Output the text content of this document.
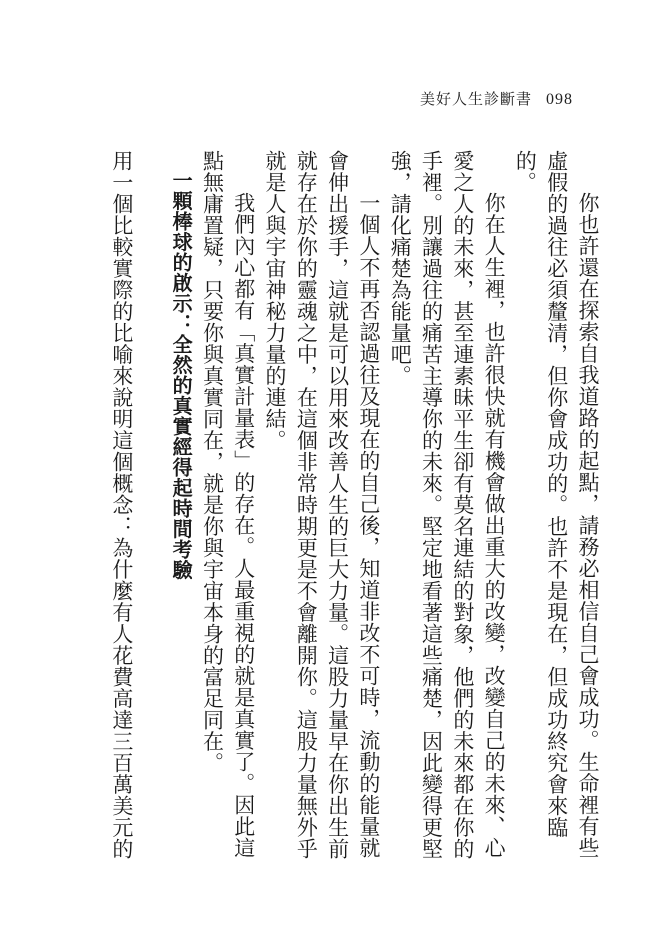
美好人生診斷書 098

你也許還在探索自我道路的起點，請務必相信自己會成功。生命裡有些虛假的過往必須釐清，但你會成功的。也許不是現在，但成功終究會來臨的。

你在人生裡，也許很快就有機會做出重大的改變，改變自己的未來、心愛之人的未來，甚至連素昧平生卻有莫名連結的對象，他們的未來都在你的手裡。別讓過往的痛苦主導你的未來。堅定地看著這些痛楚，因此變得更堅強，請化痛楚為能量吧。

一個人不再否認過往及現在的自己後，知道非改不可時，流動的能量就會伸出援手，這就是可以用來改善人生的巨大力量。這股力量早在你出生前就存在於你的靈魂之中，在這個非常時期更是不會離開你。這股力量無外乎就是人與宇宙神秘力量的連結。

我們內心都有「真實計量表」的存在。人最重視的就是真實了。因此這點無庸置疑，只要你與真實同在，就是你與宇宙本身的富足同在。

一顆棒球的啟示：全然的真實經得起時間考驗

用一個比較實際的比喻來說明這個概念：為什麼有人花費高達三百萬美元的
